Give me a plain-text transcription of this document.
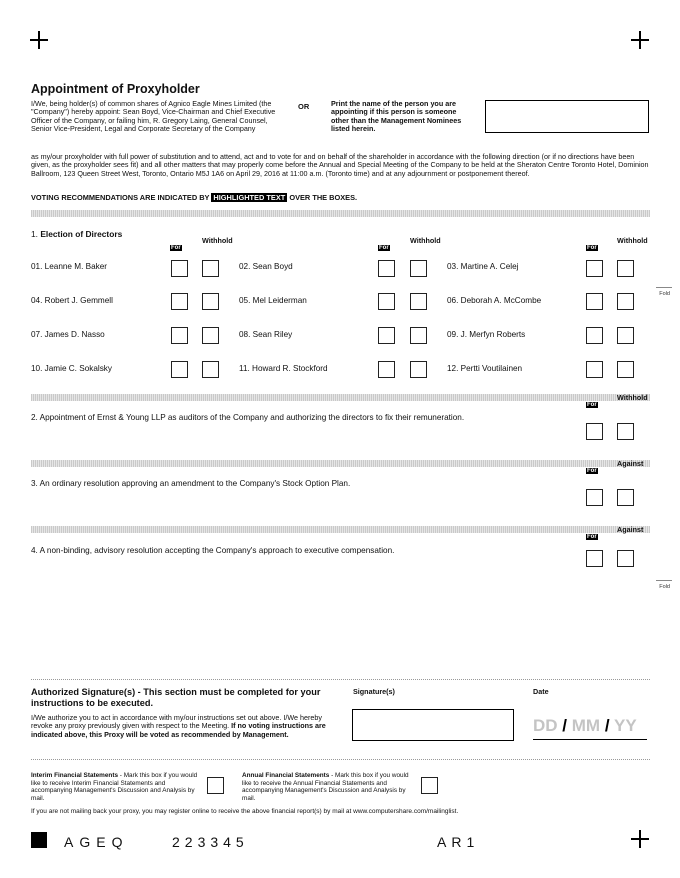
Appointment of Proxyholder
I/We, being holder(s) of common shares of Agnico Eagle Mines Limited (the "Company") hereby appoint: Sean Boyd, Vice-Chairman and Chief Executive Officer of the Company, or failing him, R. Gregory Laing, General Counsel, Senior Vice-President, Legal and Corporate Secretary of the Company
OR	Print the name of the person you are appointing if this person is someone other than the Management Nominees listed herein.
as my/our proxyholder with full power of substitution and to attend, act and to vote for and on behalf of the shareholder in accordance with the following direction (or if no directions have been given, as the proxyholder sees fit) and all other matters that may properly come before the Annual and Special Meeting of the Company to be held at the Sheraton Centre Toronto Hotel, Dominion Ballroom, 123 Queen Street West, Toronto, Ontario M5J 1A6 on April 29, 2016 at 11:00 a.m. (Toronto time) and at any adjournment or postponement thereof.
VOTING RECOMMENDATIONS ARE INDICATED BY HIGHLIGHTED TEXT OVER THE BOXES.
1. Election of Directors
For
Withhold
For
Withhold
For
Withhold
01. Leanne M. Baker	02. Sean Boyd	03. Martine A. Celej
04. Robert J. Gemmell	05. Mel Leiderman	06. Deborah A. McCombe
07. James D. Nasso	08. Sean Riley	09. J. Merfyn Roberts
10. Jamie C. Sokalsky	11. Howard R. Stockford	12. Pertti Voutilainen
Fold
For
Withhold
2. Appointment of Ernst & Young LLP as auditors of the Company and authorizing the directors to fix their remuneration.
For
Against
3. An ordinary resolution approving an amendment to the Company's Stock Option Plan.
For
Against
4. A non-binding, advisory resolution accepting the Company's approach to executive compensation.
Fold
Authorized Signature(s) - This section must be completed for your instructions to be executed.
I/We authorize you to act in accordance with my/our instructions set out above. I/We hereby revoke any proxy previously given with respect to the Meeting. If no voting instructions are indicated above, this Proxy will be voted as recommended by Management.
Signature(s)	Date
DD / MM / YY
Interim Financial Statements - Mark this box if you would like to receive Interim Financial Statements and accompanying Management's Discussion and Analysis by mail.
Annual Financial Statements - Mark this box if you would like to receive the Annual Financial Statements and accompanying Management's Discussion and Analysis by mail.
If you are not mailing back your proxy, you may register online to receive the above financial report(s) by mail at www.computershare.com/mailinglist.
AGEQ	223345	AR1
